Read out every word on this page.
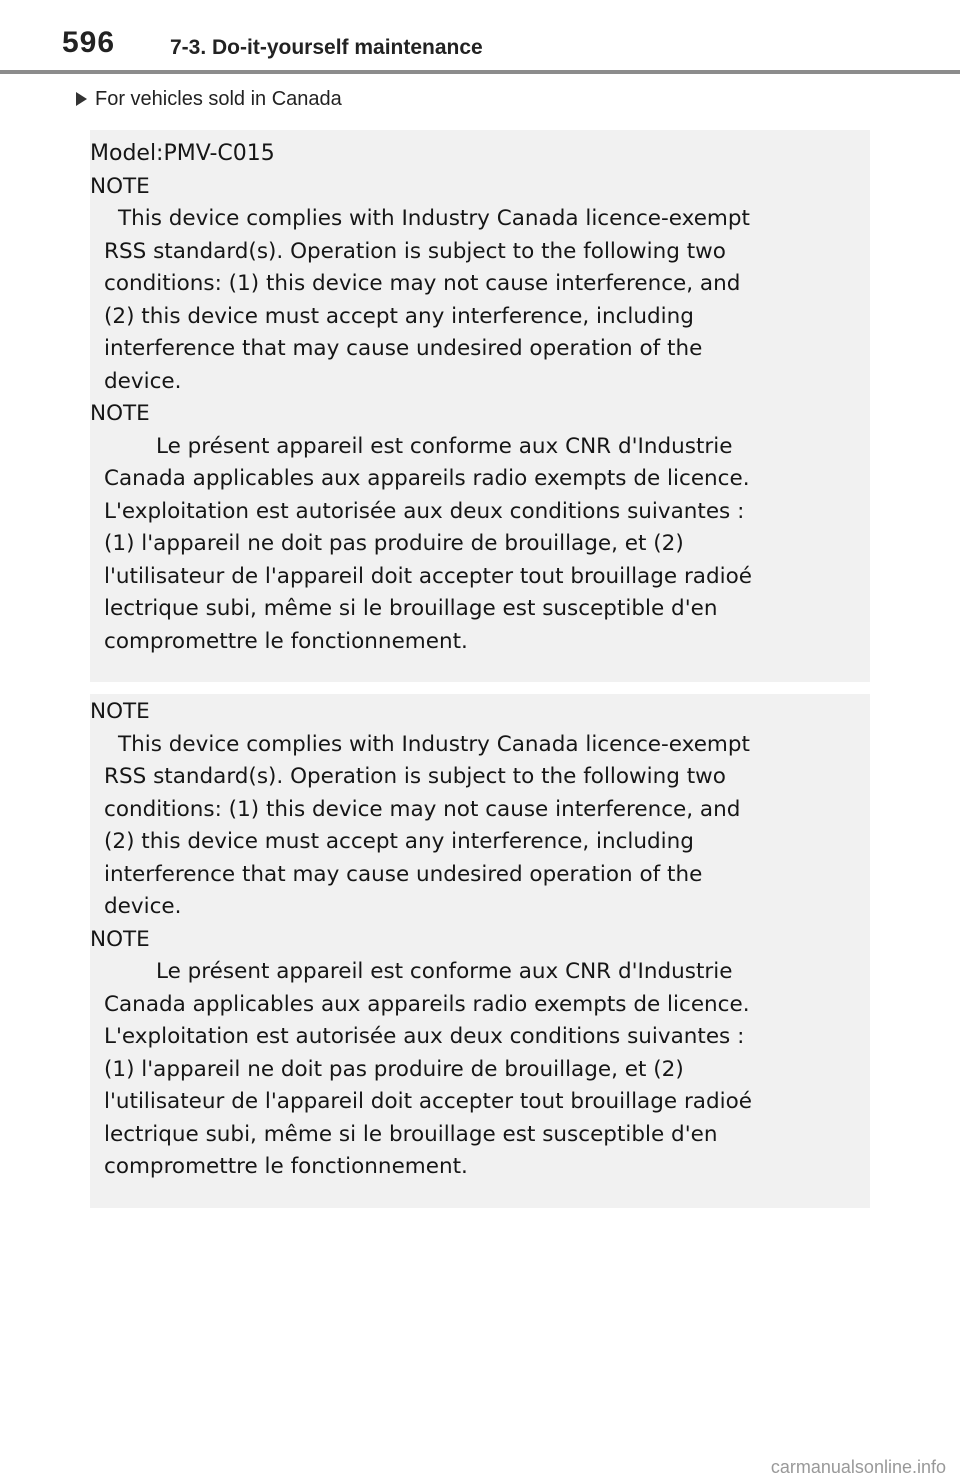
596	7-3. Do-it-yourself maintenance
For vehicles sold in Canada

Model:PMV-C015

NOTE

This device complies with Industry Canada licence-exempt

RSS standard(s). Operation is subject to the following two

conditions: (1) this device may not cause interference, and

(2) this device must accept any interference, including

interference that may cause undesired operation of the

device.

NOTE

Le présent appareil est conforme aux CNR d'Industrie

Canada applicables aux appareils radio exempts de licence.

L'exploitation est autorisée aux deux conditions suivantes :

(1) l'appareil ne doit pas produire de brouillage, et (2)

l'utilisateur de l'appareil doit accepter tout brouillage radioé

lectrique subi, même si le brouillage est susceptible d'en

compromettre le fonctionnement.

NOTE

This device complies with Industry Canada licence-exempt

RSS standard(s). Operation is subject to the following two

conditions: (1) this device may not cause interference, and

(2) this device must accept any interference, including

interference that may cause undesired operation of the

device.

NOTE

Le présent appareil est conforme aux CNR d'Industrie

Canada applicables aux appareils radio exempts de licence.

L'exploitation est autorisée aux deux conditions suivantes :

(1) l'appareil ne doit pas produire de brouillage, et (2)

l'utilisateur de l'appareil doit accepter tout brouillage radioé

lectrique subi, même si le brouillage est susceptible d'en

compromettre le fonctionnement.

carmanualsonline.info
